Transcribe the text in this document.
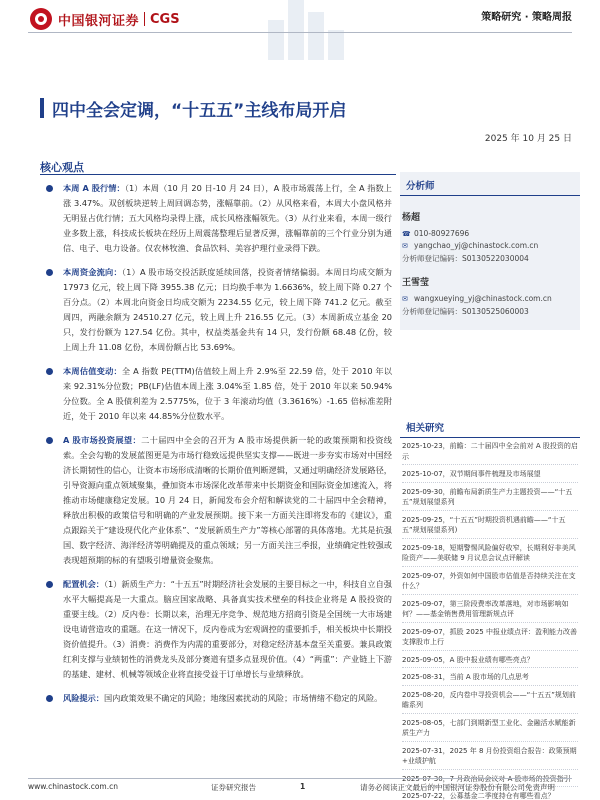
中国银河证券 CGS	策略研究 · 策略周报
四中全会定调，“十五五”主线布局开启
2025 年 10 月 25 日
核心观点
本周 A 股行情：（1）本周（10 月 20 日-10 月 24 日），A 股市场震荡上行，全 A 指数上涨 3.47%。双创板块逆转上周回调态势，涨幅靠前。（2）从风格来看，本周大小盘风格并无明显占优行情；五大风格均录得上涨，成长风格涨幅领先。（3）从行业来看，本周一级行业多数上涨，科技成长板块在经历上周震荡整理后显著反弹，涨幅靠前的三个行业分别为通信、电子、电力设备。仅农林牧渔、食品饮料、美容护理行业录得下跌。
本周资金流向：（1）A 股市场交投活跃度延续回落，投资者情绪偏弱。本周日均成交额为 17973 亿元，较上周下降 3955.38 亿元；日均换手率为 1.6636%，较上周下降 0.27 个百分点。（2）本周北向资金日均成交额为 2234.55 亿元，较上周下降 741.2 亿元。截至周四，两融余额为 24510.27 亿元，较上周上升 216.55 亿元。（3）本周新成立基金 20 只，发行份额为 127.54 亿份。其中，权益类基金共有 14 只，发行份额 68.48 亿份，较上周上升 11.08 亿份，本周份额占比 53.69%。
本周估值变动：全 A 指数 PE(TTM)估值较上周上升 2.9%至 22.59 倍，处于 2010 年以来 92.31%分位数；PB(LF)估值本周上涨 3.04%至 1.85 倍，处于 2010 年以来 50.94%分位数。全 A 股债利差为 2.5775%，位于 3 年滚动均值（3.3616%）-1.65 倍标准差附近，处于 2010 年以来 44.85%分位数水平。
A 股市场投资展望：二十届四中全会的召开为 A 股市场提供新一轮的政策预期和投资线索。全会勾勒的发展蓝图更是为市场行稳致远提供坚实支撑——既进一步夯实市场对中国经济长期韧性的信心，让资本市场形成清晰的长期价值判断逻辑，又通过明确经济发展路径，引导资源向重点领域聚集，叠加资本市场深化改革带来中长期资金和国际资金加速流入，将推动市场健康稳定发展。10 月 24 日，新闻发布会介绍和解读党的二十届四中全会精神，释放出积极的政策信号和明确的产业发展预期。接下来一方面关注即将发布的《建议》，重点跟踪关于“建设现代化产业体系”、“发展新质生产力”等核心部署的具体落地。尤其是抗强国、数字经济、海洋经济等明确提及的重点领域；另一方面关注三季报，业绩确定性较强或表现超预期的标的有望吸引增量资金聚焦。
配置机会：（1）新质生产力：“十五五”时期经济社会发展的主要目标之一中，科技自立自强水平大幅提高是一大重点。脑应国家战略、具备真实技术壁垒的科技企业将是 A 股投资的重要主线。（2）反内卷：长期以来，治理无序竞争、规范地方招商引资是全国统一大市场建设电请营造攻的重题。在这一情况下，反内卷成为宏观调控的重要抓手，相关板块中长期投资价值提升。（3）消费：消费作为内需的重要部分，对稳定经济基本盘至关重要。兼具政策红利支撑与业绩韧性的消费龙头及部分赛道有望多点显现价值。（4）“两重”：产业链上下游的基建、建材、机械等领域企业将直接受益于订单增长与业绩释放。
风险提示：国内政策效果不确定的风险；地缘因素扰动的风险；市场情绪不稳定的风险。
分析师
杨超
☎ 010-80927696
✉ yangchao_yj@chinastock.com.cn
分析师登记编码：S0130522030004
王雪莹
✉ wangxueying_yj@chinastock.com.cn
分析师登记编码：S0130525060003
相关研究
2025-10-23，前瞻：二十届四中全会前对 A 股投资的启示
2025-10-07，双节期间事件梳理及市场展望
2025-09-30，前瞻布局新质生产力主题投资——“十五五”规划展望系列
2025-09-25，“十五五”时期投资机遇前瞻——“十五五”规划展望系列)
2025-09-18，短期警惕风险偏好收窄，长期利好非美风险资产——美联储 9 月议息会议点评解读
2025-09-07，外资如何中国股市估值是否持续关注在支什么？
2025-09-07，第三阶段费率改革落地，对市场影响如何？——基金销售费用管理新规点评
2025-09-07，抓股 2025 中报业绩点评：盈利能力改善支撑股市上行
2025-09-05，A 股中报业绩有哪些亮点？
2025-08-31，当前 A 股市场的几点思考
2025-08-20，反内卷中寻投资机会——“十五五”规划前瞻系列
2025-08-05，七部门到期新型工业化、金融活水赋能新质生产力
2025-07-31，2025 年 8 月份投资组合报告：政策预期+业绩护航
2025-07-22，公募基金二季度持仓有哪些看点？
www.chinastock.com.cn	证券研究报告	1	请务必阅读正文最后的中国银河证券股份有限公司免责声明
